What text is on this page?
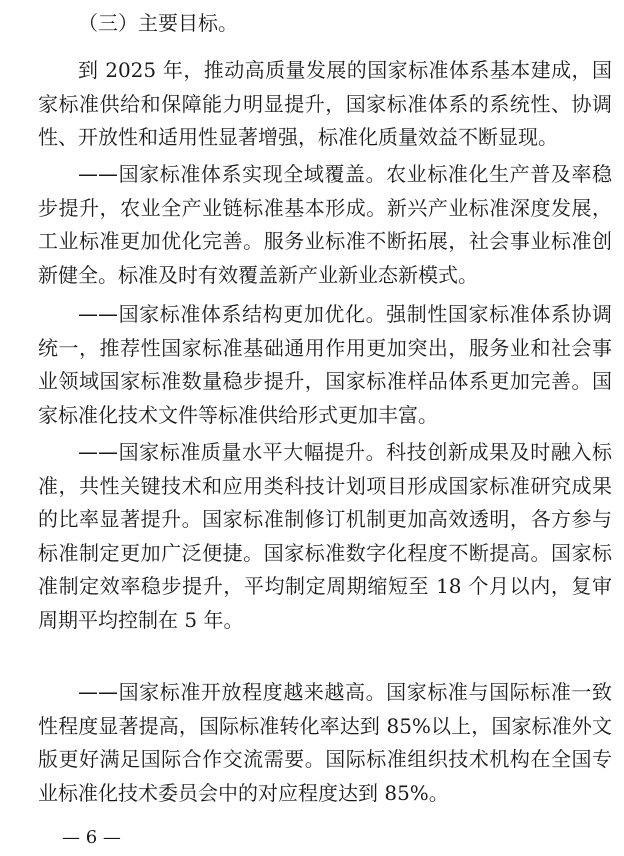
（三）主要目标。

到 2025 年，推动高质量发展的国家标准体系基本建成，国家标准供给和保障能力明显提升，国家标准体系的系统性、协调性、开放性和适用性显著增强，标准化质量效益不断显现。

——国家标准体系实现全域覆盖。农业标准化生产普及率稳步提升，农业全产业链标准基本形成。新兴产业标准深度发展，工业标准更加优化完善。服务业标准不断拓展，社会事业标准创新健全。标准及时有效覆盖新产业新业态新模式。

——国家标准体系结构更加优化。强制性国家标准体系协调统一，推荐性国家标准基础通用作用更加突出，服务业和社会事业领域国家标准数量稳步提升，国家标准样品体系更加完善。国家标准化技术文件等标准供给形式更加丰富。

——国家标准质量水平大幅提升。科技创新成果及时融入标准，共性关键技术和应用类科技计划项目形成国家标准研究成果的比率显著提升。国家标准制修订机制更加高效透明，各方参与标准制定更加广泛便捷。国家标准数字化程度不断提高。国家标准制定效率稳步提升，平均制定周期缩短至 18 个月以内，复审周期平均控制在 5 年。

——国家标准开放程度越来越高。国家标准与国际标准一致性程度显著提高，国际标准转化率达到 85%以上，国家标准外文版更好满足国际合作交流需要。国际标准组织技术机构在全国专业标准化技术委员会中的对应程度达到 85%。

— 6 —
